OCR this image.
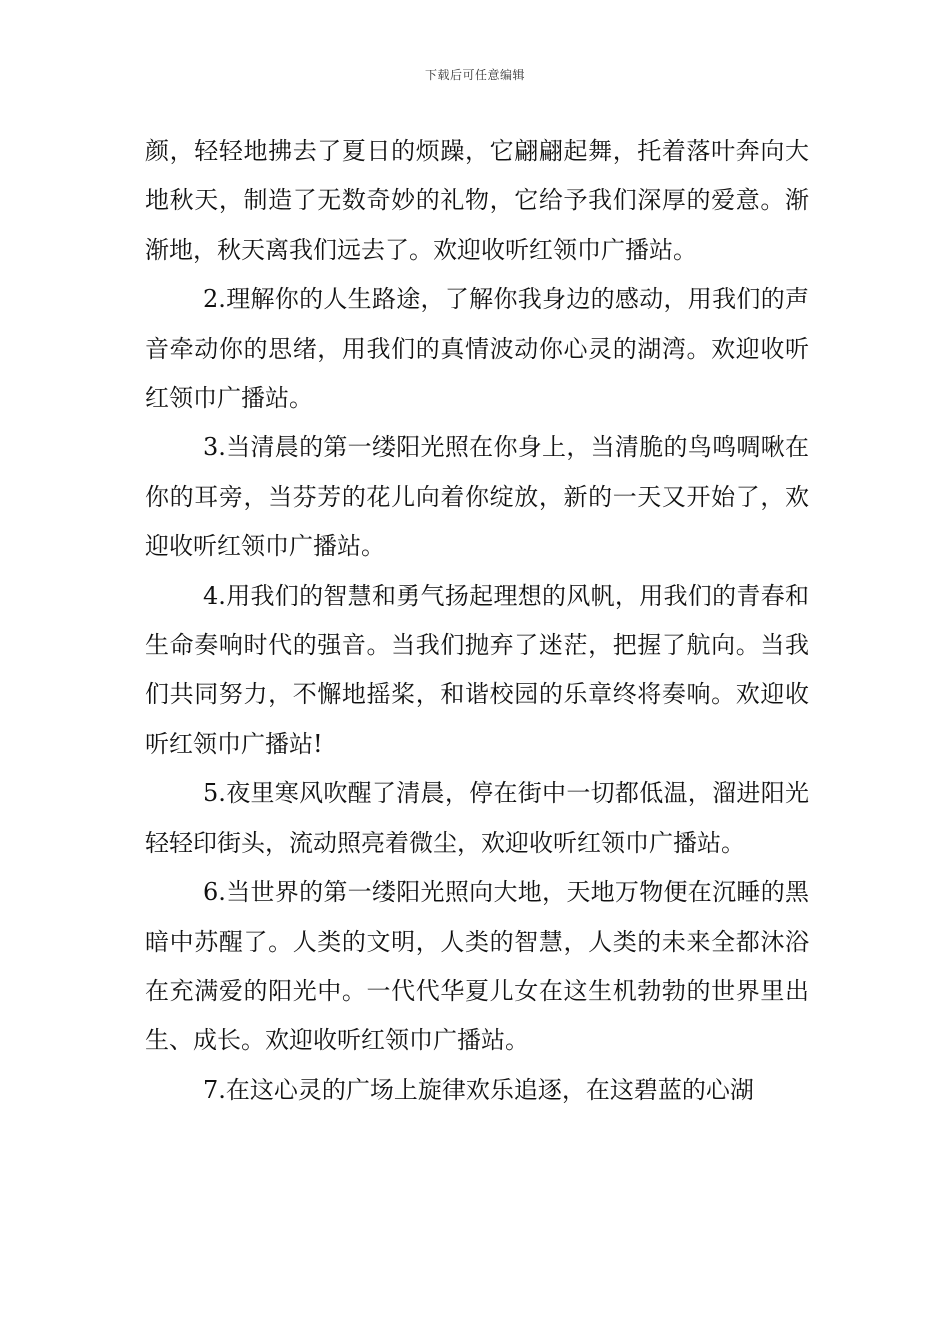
下载后可任意编辑

颜，轻轻地拂去了夏日的烦躁，它翩翩起舞，托着落叶奔向大地秋天，制造了无数奇妙的礼物，它给予我们深厚的爱意。渐渐地，秋天离我们远去了。欢迎收听红领巾广播站。

2.理解你的人生路途，了解你我身边的感动，用我们的声音牵动你的思绪，用我们的真情波动你心灵的湖湾。欢迎收听红领巾广播站。

3.当清晨的第一缕阳光照在你身上，当清脆的鸟鸣啁啾在你的耳旁，当芬芳的花儿向着你绽放，新的一天又开始了，欢迎收听红领巾广播站。

4.用我们的智慧和勇气扬起理想的风帆，用我们的青春和生命奏响时代的强音。当我们抛弃了迷茫，把握了航向。当我们共同努力，不懈地摇桨，和谐校园的乐章终将奏响。欢迎收听红领巾广播站!

5.夜里寒风吹醒了清晨，停在街中一切都低温，溜进阳光轻轻印街头，流动照亮着微尘，欢迎收听红领巾广播站。

6.当世界的第一缕阳光照向大地，天地万物便在沉睡的黑暗中苏醒了。人类的文明，人类的智慧，人类的未来全都沐浴　在充满爱的阳光中。一代代华夏儿女在这生机勃勃的世界里出生、成长。欢迎收听红领巾广播站。

7.在这心灵的广场上旋律欢乐追逐，在这碧蓝的心湖
